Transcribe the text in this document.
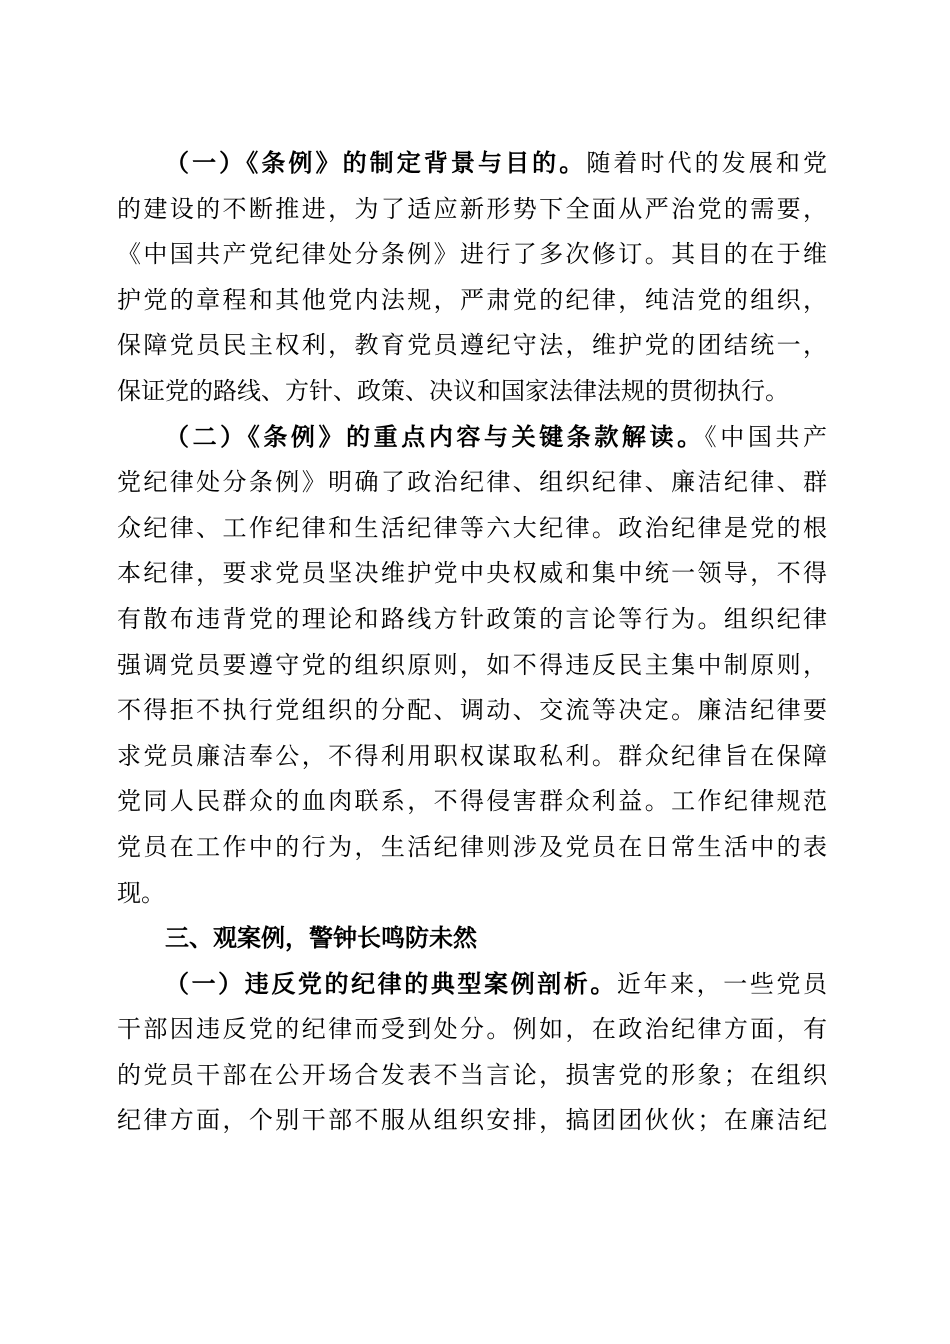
（一）《条例》的制定背景与目的。随着时代的发展和党
的建设的不断推进，为了适应新形势下全面从严治党的需要，
《中国共产党纪律处分条例》进行了多次修订。其目的在于维
护党的章程和其他党内法规，严肃党的纪律，纯洁党的组织，
保障党员民主权利，教育党员遵纪守法，维护党的团结统一，
保证党的路线、方针、政策、决议和国家法律法规的贯彻执行。
（二）《条例》的重点内容与关键条款解读。《中国共产
党纪律处分条例》明确了政治纪律、组织纪律、廉洁纪律、群
众纪律、工作纪律和生活纪律等六大纪律。政治纪律是党的根
本纪律，要求党员坚决维护党中央权威和集中统一领导，不得
有散布违背党的理论和路线方针政策的言论等行为。组织纪律
强调党员要遵守党的组织原则，如不得违反民主集中制原则，
不得拒不执行党组织的分配、调动、交流等决定。廉洁纪律要
求党员廉洁奉公，不得利用职权谋取私利。群众纪律旨在保障
党同人民群众的血肉联系，不得侵害群众利益。工作纪律规范
党员在工作中的行为，生活纪律则涉及党员在日常生活中的表
现。
三、观案例，警钟长鸣防未然
（一）违反党的纪律的典型案例剖析。近年来，一些党员
干部因违反党的纪律而受到处分。例如，在政治纪律方面，有
的党员干部在公开场合发表不当言论，损害党的形象；在组织
纪律方面，个别干部不服从组织安排，搞团团伙伙；在廉洁纪
